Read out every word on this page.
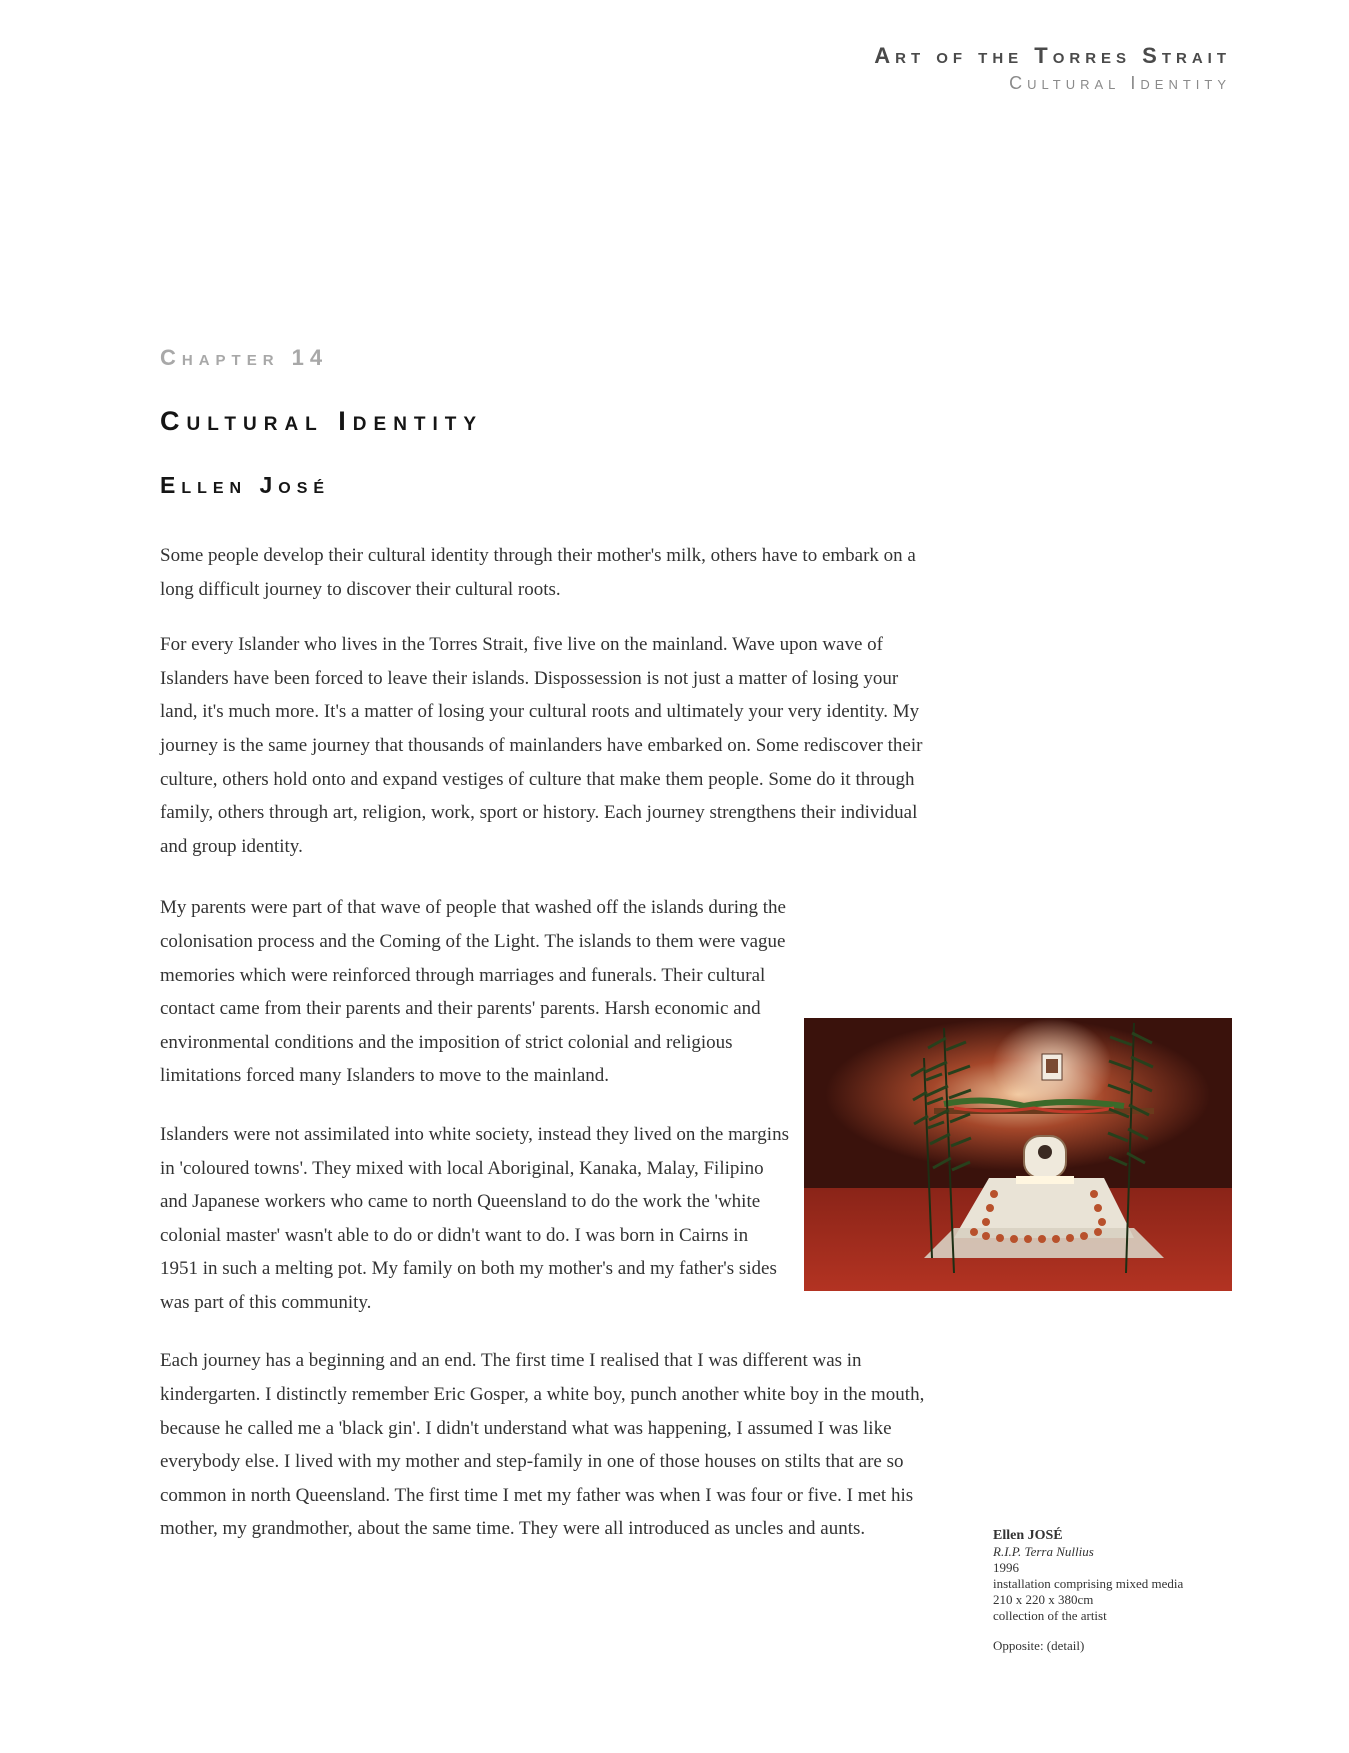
Art of the Torres Strait
Cultural Identity
Chapter 14
Cultural Identity
Ellen José

Some people develop their cultural identity through their mother's milk, others have to embark on a long difficult journey to discover their cultural roots.

For every Islander who lives in the Torres Strait, five live on the mainland. Wave upon wave of Islanders have been forced to leave their islands. Dispossession is not just a matter of losing your land, it's much more. It's a matter of losing your cultural roots and ultimately your very identity. My journey is the same journey that thousands of mainlanders have embarked on. Some rediscover their culture, others hold onto and expand vestiges of culture that make them people. Some do it through family, others through art, religion, work, sport or history. Each journey strengthens their individual and group identity.

My parents were part of that wave of people that washed off the islands during the colonisation process and the Coming of the Light. The islands to them were vague memories which were reinforced through marriages and funerals. Their cultural contact came from their parents and their parents' parents. Harsh economic and environmental conditions and the imposition of strict colonial and religious limitations forced many Islanders to move to the mainland.

Islanders were not assimilated into white society, instead they lived on the margins in 'coloured towns'. They mixed with local Aboriginal, Kanaka, Malay, Filipino and Japanese workers who came to north Queensland to do the work the 'white colonial master' wasn't able to do or didn't want to do. I was born in Cairns in 1951 in such a melting pot. My family on both my mother's and my father's sides was part of this community.

Each journey has a beginning and an end. The first time I realised that I was different was in kindergarten. I distinctly remember Eric Gosper, a white boy, punch another white boy in the mouth, because he called me a 'black gin'. I didn't understand what was happening, I assumed I was like everybody else. I lived with my mother and step-family in one of those houses on stilts that are so common in north Queensland. The first time I met my father was when I was four or five. I met his mother, my grandmother, about the same time. They were all introduced as uncles and aunts.	Ellen JOSÉ
R.I.P. Terra Nullius
1996
installation comprising mixed media
210 x 220 x 380cm
collection of the artist
Opposite: (detail)
